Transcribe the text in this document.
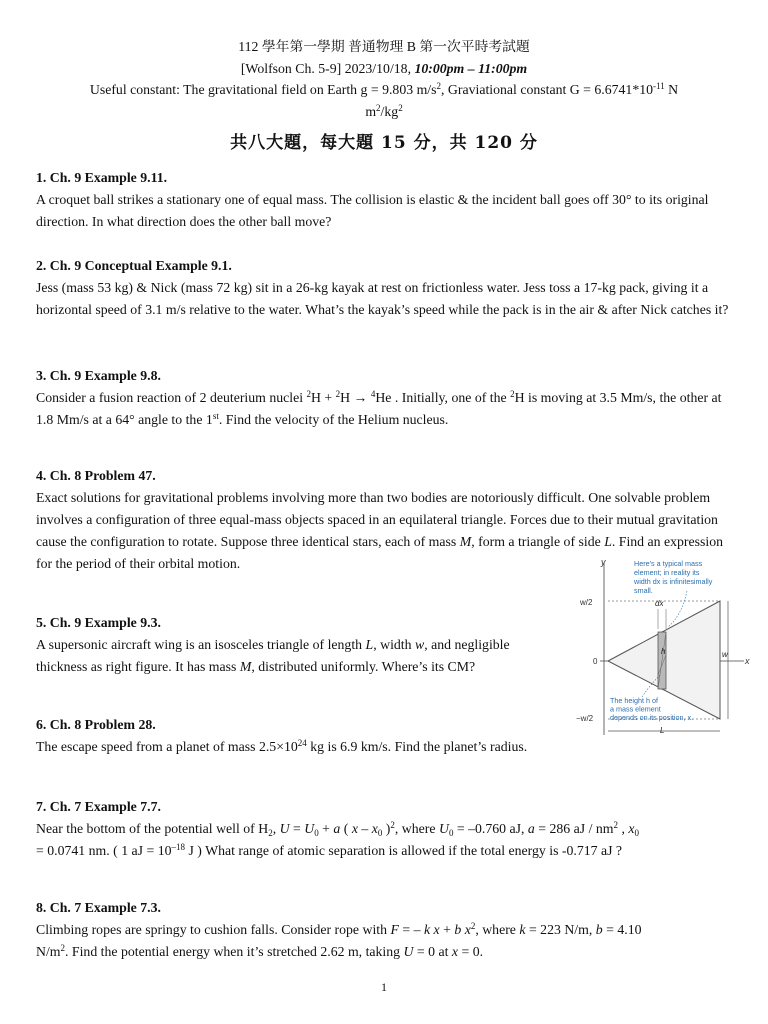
112 學年第一學期 普通物理 B 第一次平時考試題
[Wolfson Ch. 5-9] 2023/10/18, 10:00pm – 11:00pm
Useful constant: The gravitational field on Earth g = 9.803 $m/s^2$, Graviational constant $G = 6.6741*10^{-11}$ N
$m^2/kg^2$
共八大題，每大題 15 分，共 120 分
1. Ch. 9 Example 9.11.
A croquet ball strikes a stationary one of equal mass. The collision is elastic & the incident ball goes off 30° to its original direction. In what direction does the other ball move?
2. Ch. 9 Conceptual Example 9.1.
Jess (mass 53 kg) & Nick (mass 72 kg) sit in a 26-kg kayak at rest on frictionless water. Jess toss a 17-kg pack, giving it a horizontal speed of 3.1 m/s relative to the water. What’s the kayak’s speed while the pack is in the air & after Nick catches it?
3. Ch. 9 Example 9.8.
Consider a fusion reaction of 2 deuterium nuclei $^2$H + $^2$H → $^4$He . Initially, one of the $^2$H is moving at 3.5 Mm/s, the other at 1.8 Mm/s at a 64° angle to the 1st. Find the velocity of the Helium nucleus.
4. Ch. 8 Problem 47.
Exact solutions for gravitational problems involving more than two bodies are notoriously difficult. One solvable problem involves a configuration of three equal-mass objects spaced in an equilateral triangle. Forces due to their mutual gravitation cause the configuration to rotate. Suppose three identical stars, each of mass M, form a triangle of side L. Find an expression for the period of their orbital motion.
5. Ch. 9 Example 9.3.
A supersonic aircraft wing is an isosceles triangle of length L, width w, and negligible
thickness as right figure. It has mass M, distributed uniformly. Where’s its CM?
y
x
w/2
−w/2
0
h
dx
w
L
Here’s a typical mass
element; in reality its
width dx is infinitesimally
small.
The height h of
a mass element
depends on its position, x.
6. Ch. 8 Problem 28.
The escape speed from a planet of mass $2.5\times 10^{24}$ kg is 6.9 km/s. Find the planet’s radius.
7. Ch. 7 Example 7.7.
Near the bottom of the potential well of $H_2$, $U = U_0 + a$ ( x – $x_0$ )$^2$, where $U_0 = -0.760$ aJ, a = 286 aJ / $nm^2$ , $x_0$
= 0.0741 nm. ( 1 aJ = $10^{-18}$ J ) What range of atomic separation is allowed if the total energy is -0.717 aJ ?
8. Ch. 7 Example 7.3.
Climbing ropes are springy to cushion falls. Consider rope with F = – k x + b $x^2$, where k = 223 N/m, b = 4.10
$N/m^2$. Find the potential energy when it’s stretched 2.62 m, taking U = 0 at x = 0.
1
